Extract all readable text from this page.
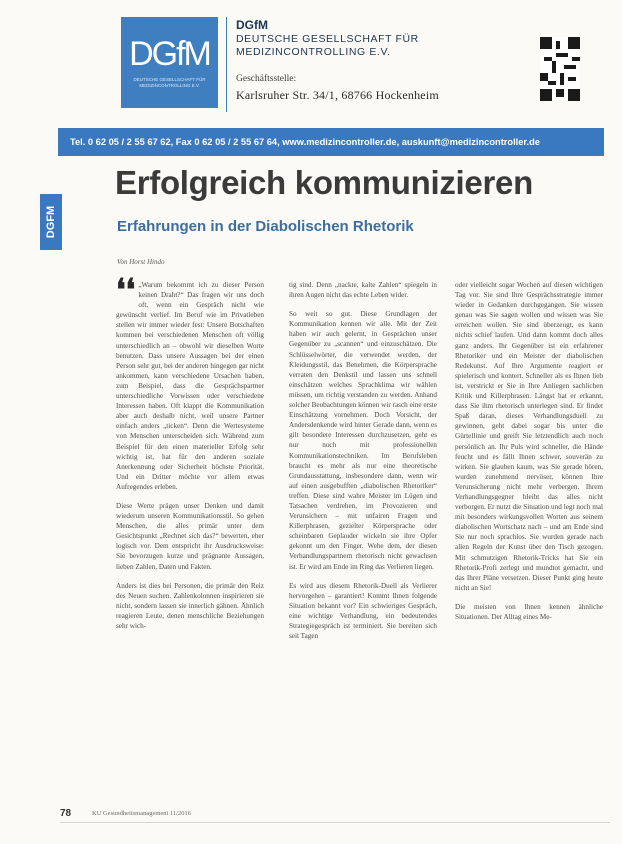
DGfM
DEUTSCHE GESELLSCHAFT FÜR MEDIZINCONTROLLING E.V.
DGfM
DEUTSCHE GESELLSCHAFT FÜR MEDIZINCONTROLLING E.V.
Geschäftsstelle:
Karlsruher Str. 34/1, 68766 Hockenheim
Tel. 0 62 05 / 2 55 67 62, Fax 0 62 05 / 2 55 67 64, www.medizincontroller.de, auskunft@medizincontroller.de
DGFM
Erfolgreich kommunizieren
Erfahrungen in der Diabolischen Rhetorik
Von Horst Hindo
❛❛ „Warum bekommt ich zu dieser Person keinen Draht?“ Das fragen wir uns doch oft, wenn ein Gespräch nicht wie gewünscht verlief. Im Beruf wie im Privatleben stellen wir immer wieder fest: Unsere Botschaften kommen bei verschiedenen Menschen oft völlig unterschiedlich an – obwohl wir dieselben Worte benutzen. Dass unsere Aussagen bei der einen Person sehr gut, bei der anderen hingegen gar nicht ankommen, kann verschiedene Ursachen haben, zum Beispiel, dass die Gesprächspartner unterschiedliche Vorwissen oder verschiedene Interessen haben. Oft klappt die Kommunikation aber auch deshalb nicht, weil unsere Partner einfach anders „ticken“. Denn die Wertesysteme von Menschen unterscheiden sich. Während zum Beispiel für den einen materieller Erfolg sehr wichtig ist, hat für den anderen soziale Anerkennung oder Sicherheit höchste Priorität. Und ein Dritter möchte vor allem etwas Aufregendes erleben.

Diese Werte prägen unser Denken und damit wiederum unseren Kommunikationsstil. So gehen Menschen, die alles primär unter dem Gesichtspunkt „Rechnet sich das?“ bewerten, eher logisch vor. Dem entspricht ihr Ausdrucksweise: Sie bevorzugen kurze und prägnante Aussagen, lieben Zahlen, Daten und Fakten.

Anders ist dies bei Personen, die primär den Reiz des Neuen suchen. Zahlenkolonnen inspirieren sie nicht, sondern lassen sie innerlich gähnen. Ähnlich reagieren Leute, denen menschliche Beziehungen sehr wich-

tig sind. Denn „nackte, kalte Zahlen“ spiegeln in ihren Augen nicht das echte Leben wider.

So weit so gut. Diese Grundlagen der Kommunikation kennen wir alle. Mit der Zeit haben wir auch gelernt, in Gesprächen unser Gegenüber zu „scannen“ und einzuschätzen. Die Schlüsselwörter, die verwendet werden, der Kleidungsstil, das Benehmen, die Körpersprache verraten den Denkstil und lassen uns schnell einschätzen welches Sprachklima wir wählen müssen, um richtig verstanden zu werden. Anhand solcher Beobachtungen können wir rasch eine erste Einschätzung vornehmen. Doch Vorsicht, der Andersdenkende wird hinter Gerade dann, wenn es gilt besondere Interessen durchzusetzen, geht es nur noch mit professionellen Kommunikationstechniken. Im Berufsleben braucht es mehr als nur eine theoretische Grundausstattung, insbesondere dann, wenn wir auf einen ausgebufften „diabolischen Rhetoriker“ treffen. Diese sind wahre Meister im Lügen und Tatsachen verdrehen, im Provozieren und Verunsichern – mit unfairen Fragen und Killerphrasen, gezielter Körpersprache oder scheinbaren Geplauder wickeln sie ihre Opfer gekonnt um den Finger. Wehe dem, der diesen Verhandlungspartnern rhetorisch nicht gewachsen ist. Er wird am Ende im Ring das Verlieren liegen.

Es wird aus diesem Rhetorik-Duell als Verlierer hervorgehen – garantiert! Kommt Ihnen folgende Situation bekannt vor? Ein schwieriges Gespräch, eine wichtige Verhandlung, ein bedeutendes Strategiegespräch ist terminiert. Sie bereiten sich seit Tagen

oder vielleicht sogar Wochen auf diesen wichtigen Tag vor. Sie sind Ihre Gesprächsstrategie immer wieder in Gedanken durchgegangen. Sie wissen genau was Sie sagen wollen und wissen was Sie erreichen wollen. Sie sind überzeugt, es kann nichts schief laufen. Und dann kommt doch alles ganz anders. Ihr Gegenüber ist ein erfahrener Rhetoriker und ein Meister der diabolischen Redekunst. Auf Ihre Argumente reagiert er spielerisch und kontert. Schneller als es Ihnen lieb ist, verstrickt er Sie in Ihre Anliegen sachlichen Kritik und Killerphrasen. Längst hat er erkannt, dass Sie ihm rhetorisch unterlegen sind. Er findet Spaß daran, dieses Verhandlungsduell zu gewinnen, geht dabei sogar bis unter die Gürtellinie und greift Sie letztendlich auch noch persönlich an. Ihr Puls wird schneller, die Hände feucht und es fällt Ihnen schwer, souverän zu wirken. Sie glauben kaum, was Sie gerade hören, wurden zunehmend nervöser, können Ihre Verunsicherung nicht mehr verbergen. Ihrem Verhandlungsgegner bleibt das alles nicht verborgen. Er nutzt die Situation und legt noch mal mit besonders wirkungsvollen Worten aus seinem diabolischen Wortschatz nach – und am Ende sind Sie nur noch sprachlos. Sie wurden gerade nach allen Regeln der Kunst über den Tisch gezogen. Mit schmutzigen Rhetorik-Tricks hat Sie ein Rhetorik-Profi zerlegt und mundtot gemacht, und das Ihrer Pläne versetzen. Dieser Punkt ging heute nicht an Sie!

Die meisten von Ihnen kennen ähnliche Situationen. Der Alltag eines Me-

78	KU Gesundheitsmanagement 11/2016
